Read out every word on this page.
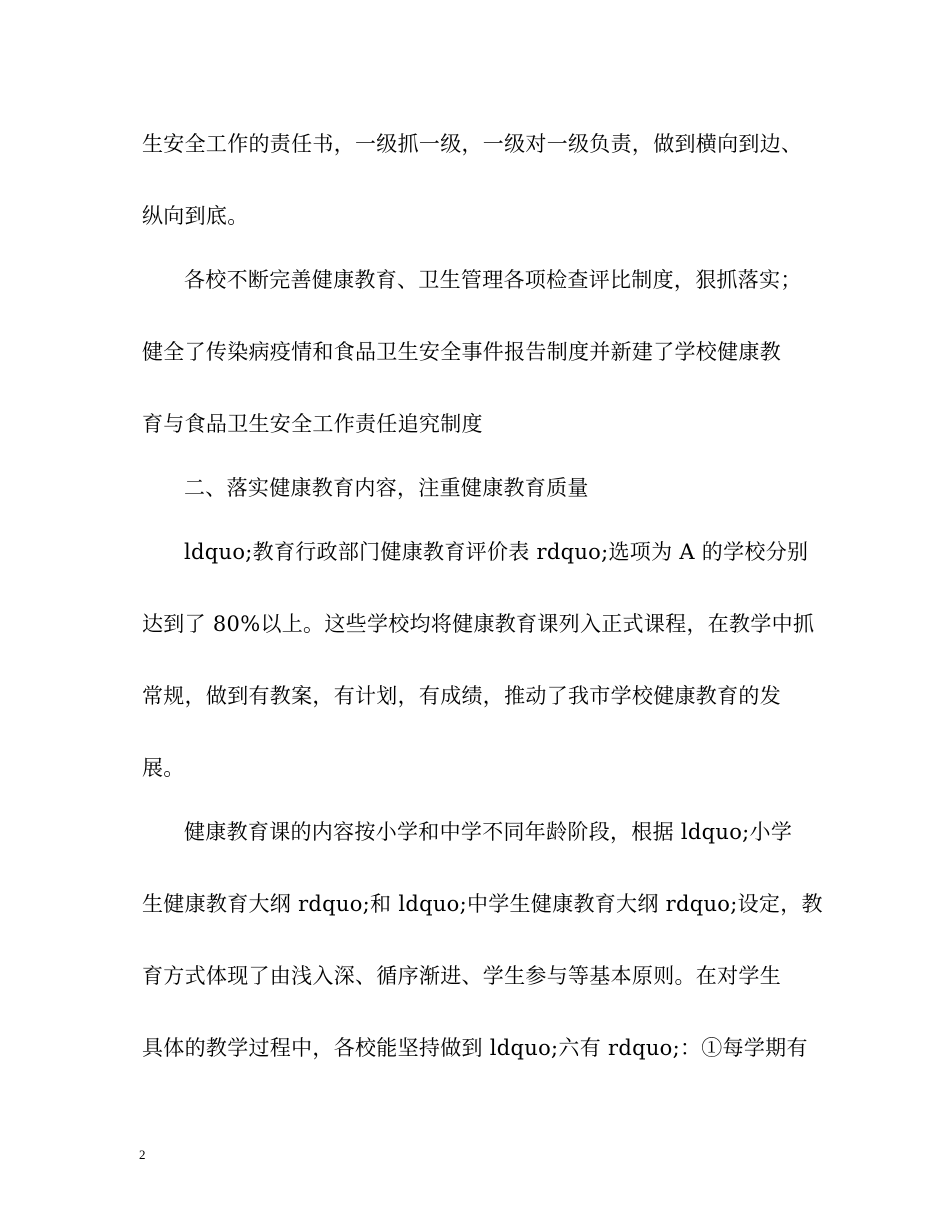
生安全工作的责任书，一级抓一级，一级对一级负责，做到横向到边、
纵向到底。
各校不断完善健康教育、卫生管理各项检查评比制度，狠抓落实；
健全了传染病疫情和食品卫生安全事件报告制度并新建了学校健康教
育与食品卫生安全工作责任追究制度
二、落实健康教育内容，注重健康教育质量
ldquo;教育行政部门健康教育评价表 rdquo;选项为 A 的学校分别
达到了 80%以上。这些学校均将健康教育课列入正式课程，在教学中抓
常规，做到有教案，有计划，有成绩，推动了我市学校健康教育的发
展。
健康教育课的内容按小学和中学不同年龄阶段，根据 ldquo;小学
生健康教育大纲 rdquo;和 ldquo;中学生健康教育大纲 rdquo;设定，教
育方式体现了由浅入深、循序渐进、学生参与等基本原则。在对学生
具体的教学过程中，各校能坚持做到 ldquo;六有 rdquo;：①每学期有
2
